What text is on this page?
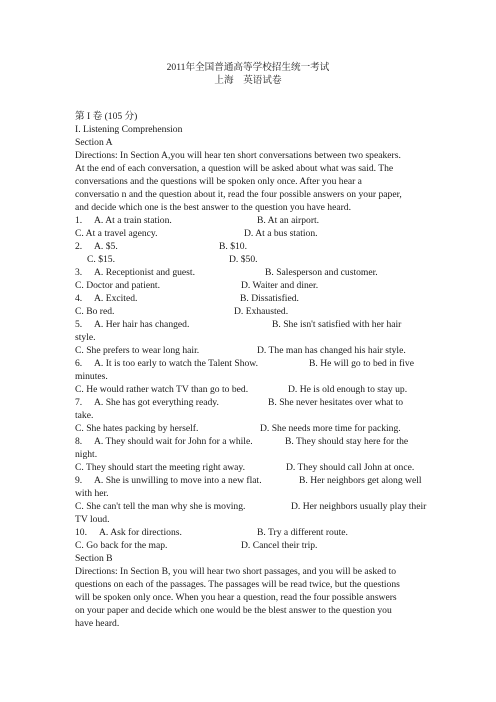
2011年全国普通高等学校招生统一考试
上海　英语试卷
第 I 卷 (105 分)
I. Listening Comprehension
Section A
Directions: In Section A,you will hear ten short conversations between two speakers.
At the end of each conversation, a question will be asked about what was said. The
conversations and the questions will be spoken only once. After you hear a
conversatio n and the question about it, read the four possible answers on your paper,
and decide which one is the best answer to the question you have heard.
1. A. At a train station.	B. At an airport.
C. At a travel agency.	D. At a bus station.
2. A. $5.	B. $10.
C. $15.	D. $50.
3. A. Receptionist and guest.	B. Salesperson and customer.
C. Doctor and patient.	D. Waiter and diner.
4. A. Excited.	B. Dissatisfied.
C. Bo red.	D. Exhausted.
5. A. Her hair has changed.	B. She isn't satisfied with her hair
style.
C. She prefers to wear long hair.	D. The man has changed his hair style.
6. A. It is too early to watch the Talent Show.	B. He will go to bed in five
minutes.
C. He would rather watch TV than go to bed.	D. He is old enough to stay up.
7. A. She has got everything ready.	B. She never hesitates over what to
take.
C. She hates packing by herself.	D. She needs more time for packing.
8. A. They should wait for John for a while.	B. They should stay here for the
night.
C. They should start the meeting right away.	D. They should call John at once.
9. A. She is unwilling to move into a new flat.	B. Her neighbors get along well
with her.
C. She can't tell the man why she is moving.	D. Her neighbors usually play their
TV loud.
10. A. Ask for directions.	B. Try a different route.
C. Go back for the map.	D. Cancel their trip.
Section B
Directions: In Section B, you will hear two short passages, and you will be asked to
questions on each of the passages. The passages will be read twice, but the questions
will be spoken only once. When you hear a question, read the four possible answers
on your paper and decide which one would be the blest answer to the question you
have heard.
